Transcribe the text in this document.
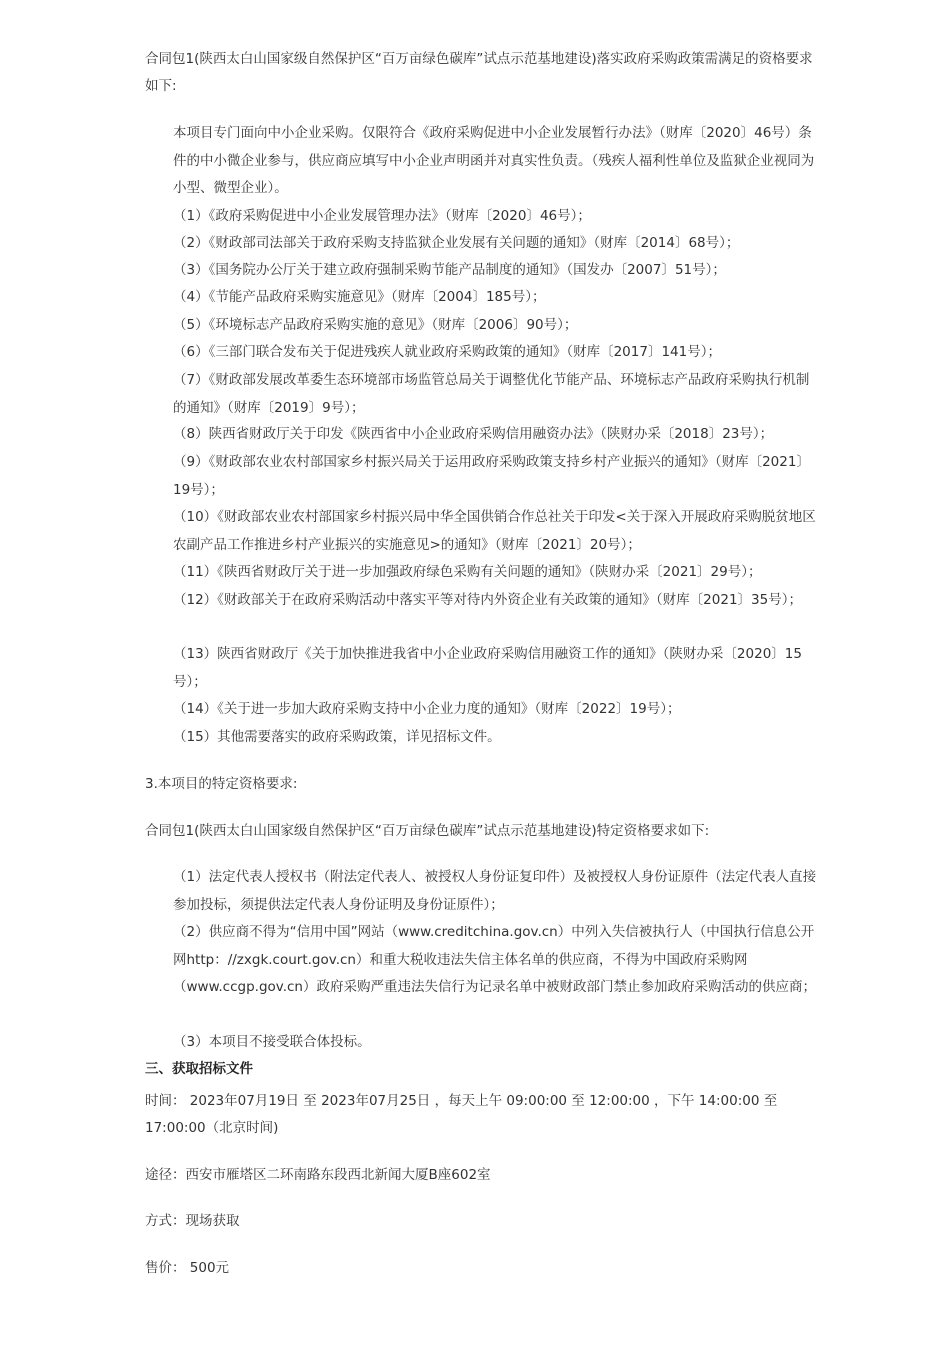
合同包1(陕西太白山国家级自然保护区“百万亩绿色碳库”试点示范基地建设)落实政府采购政策需满足的资格要求如下:

本项目专门面向中小企业采购。仅限符合《政府采购促进中小企业发展暂行办法》（财库〔2020〕46号）条件的中小微企业参与，供应商应填写中小企业声明函并对真实性负责。（残疾人福利性单位及监狱企业视同为小型、微型企业）。

（1）《政府采购促进中小企业发展管理办法》（财库〔2020〕46号）；

（2）《财政部司法部关于政府采购支持监狱企业发展有关问题的通知》（财库〔2014〕68号）；

（3）《国务院办公厅关于建立政府强制采购节能产品制度的通知》（国发办〔2007〕51号）；

（4）《节能产品政府采购实施意见》（财库〔2004〕185号）；

（5）《环境标志产品政府采购实施的意见》（财库〔2006〕90号）；

（6）《三部门联合发布关于促进残疾人就业政府采购政策的通知》（财库〔2017〕141号）；

（7）《财政部发展改革委生态环境部市场监管总局关于调整优化节能产品、环境标志产品政府采购执行机制的通知》（财库〔2019〕9号）；

（8）陕西省财政厅关于印发《陕西省中小企业政府采购信用融资办法》（陕财办采〔2018〕23号）；

（9）《财政部农业农村部国家乡村振兴局关于运用政府采购政策支持乡村产业振兴的通知》（财库〔2021〕19号）；

（10）《财政部农业农村部国家乡村振兴局中华全国供销合作总社关于印发<关于深入开展政府采购脱贫地区农副产品工作推进乡村产业振兴的实施意见>的通知》（财库〔2021〕20号）；

（11）《陕西省财政厅关于进一步加强政府绿色采购有关问题的通知》（陕财办采〔2021〕29号）；

（12）《财政部关于在政府采购活动中落实平等对待内外资企业有关政策的通知》（财库〔2021〕35号）；

（13）陕西省财政厅《关于加快推进我省中小企业政府采购信用融资工作的通知》（陕财办采〔2020〕15号）；

（14）《关于进一步加大政府采购支持中小企业力度的通知》（财库〔2022〕19号）；

（15）其他需要落实的政府采购政策，详见招标文件。

3.本项目的特定资格要求:

合同包1(陕西太白山国家级自然保护区“百万亩绿色碳库”试点示范基地建设)特定资格要求如下:

（1）法定代表人授权书（附法定代表人、被授权人身份证复印件）及被授权人身份证原件（法定代表人直接参加投标，须提供法定代表人身份证明及身份证原件）；

（2）供应商不得为“信用中国”网站（www.creditchina.gov.cn）中列入失信被执行人（中国执行信息公开网http：//zxgk.court.gov.cn）和重大税收违法失信主体名单的供应商，不得为中国政府采购网（www.ccgp.gov.cn）政府采购严重违法失信行为记录名单中被财政部门禁止参加政府采购活动的供应商；

（3）本项目不接受联合体投标。

三、获取招标文件

时间： 2023年07月19日 至 2023年07月25日 ，每天上午 09:00:00 至 12:00:00 ，下午 14:00:00 至 17:00:00（北京时间)

途径：西安市雁塔区二环南路东段西北新闻大厦B座602室

方式：现场获取

售价： 500元
